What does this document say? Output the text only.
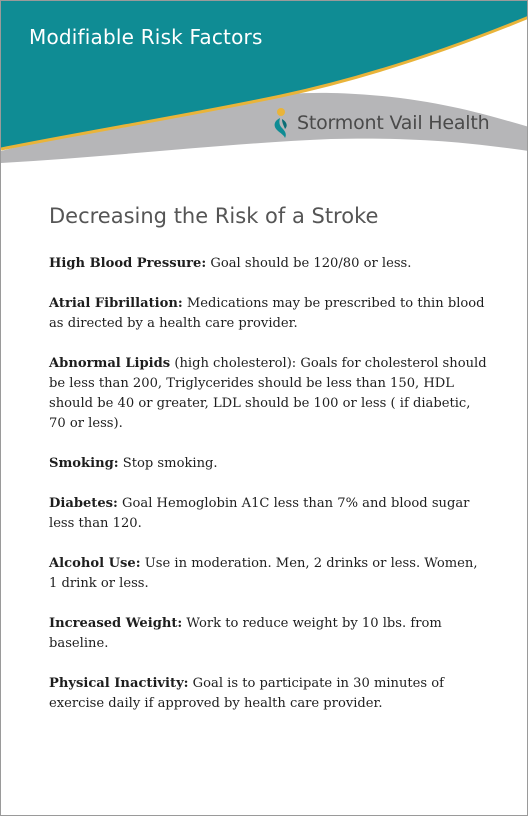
Modifiable Risk Factors
Stormont Vail Health
Decreasing the Risk of a Stroke

High Blood Pressure: Goal should be 120/80 or less.

Atrial Fibrillation: Medications may be prescribed to thin blood as directed by a health care provider.

Abnormal Lipids (high cholesterol): Goals for cholesterol should be less than 200, Triglycerides should be less than 150, HDL should be 40 or greater, LDL should be 100 or less ( if diabetic, 70 or less).

Smoking: Stop smoking.

Diabetes: Goal Hemoglobin A1C less than 7% and blood sugar less than 120.

Alcohol Use: Use in moderation. Men, 2 drinks or less. Women, 1 drink or less.

Increased Weight: Work to reduce weight by 10 lbs. from baseline.

Physical Inactivity: Goal is to participate in 30 minutes of exercise daily if approved by health care provider.
